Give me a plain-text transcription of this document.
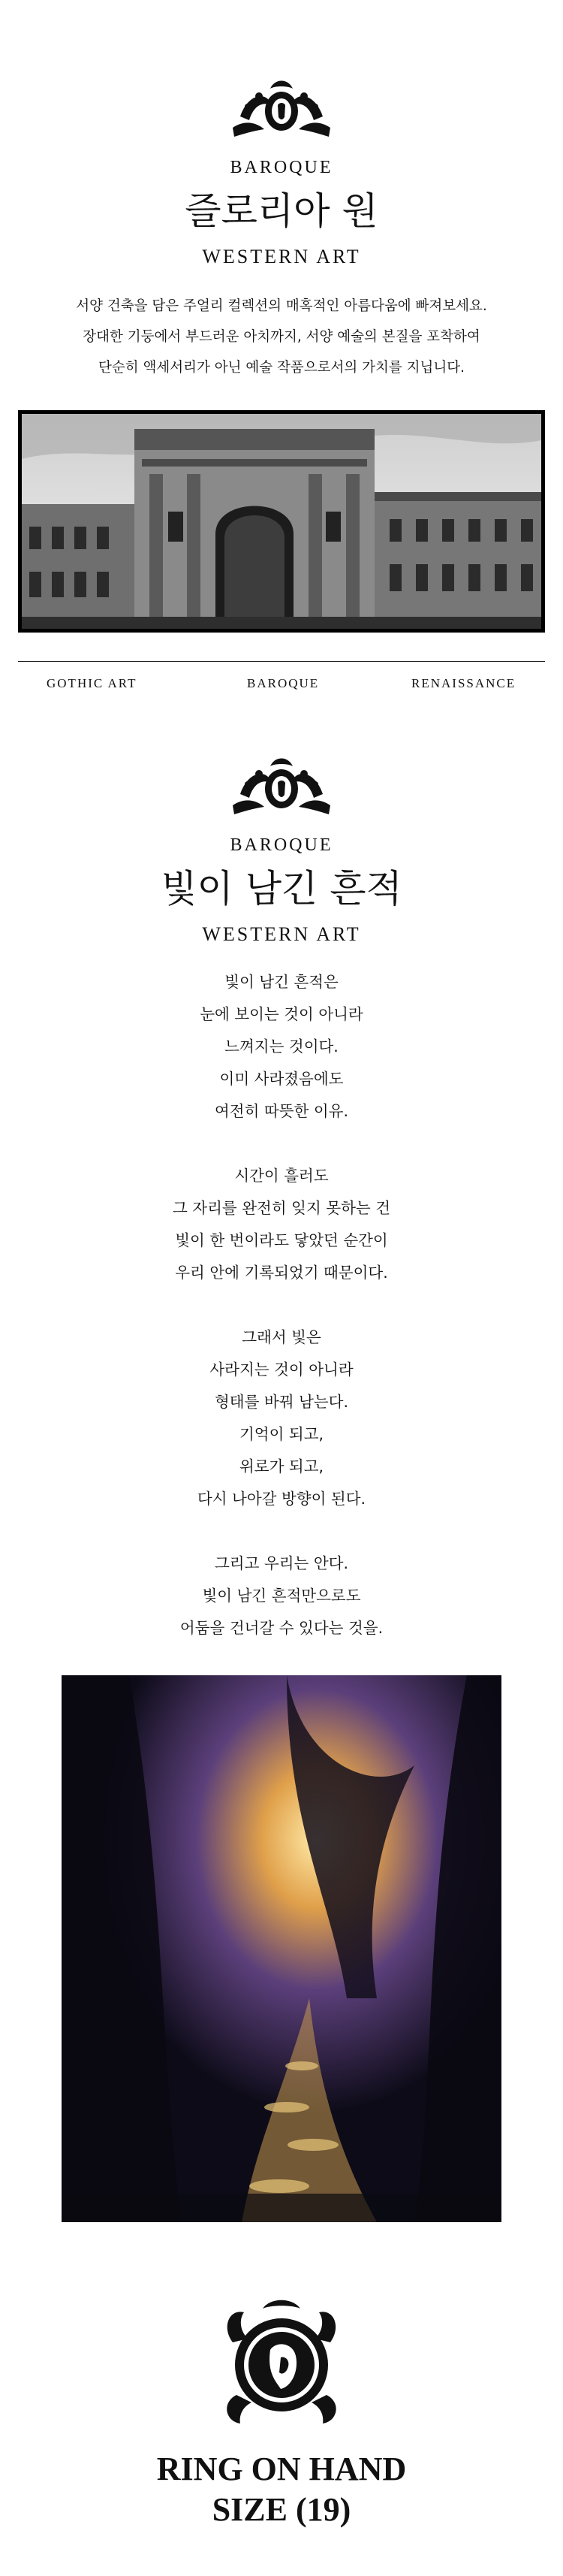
BAROQUE

즐로리아 원

WESTERN ART

서양 건축을 담은 주얼리 컬렉션의 매혹적인 아름다움에 빠져보세요.

장대한 기둥에서 부드러운 아치까지, 서양 예술의 본질을 포착하여

단순히 액세서리가 아닌 예술 작품으로서의 가치를 지닙니다.

GOTHIC ART	BAROQUE	RENAISSANCE

BAROQUE

빛이 남긴 흔적

WESTERN ART

빛이 남긴 흔적은

눈에 보이는 것이 아니라

느껴지는 것이다.

이미 사라졌음에도

여전히 따뜻한 이유.

시간이 흘러도

그 자리를 완전히 잊지 못하는 건

빛이 한 번이라도 닿았던 순간이

우리 안에 기록되었기 때문이다.

그래서 빛은

사라지는 것이 아니라

형태를 바꿔 남는다.

기억이 되고,

위로가 되고,

다시 나아갈 방향이 된다.

그리고 우리는 안다.

빛이 남긴 흔적만으로도

어둠을 건너갈 수 있다는 것을.

RING ON HAND

SIZE (19)
